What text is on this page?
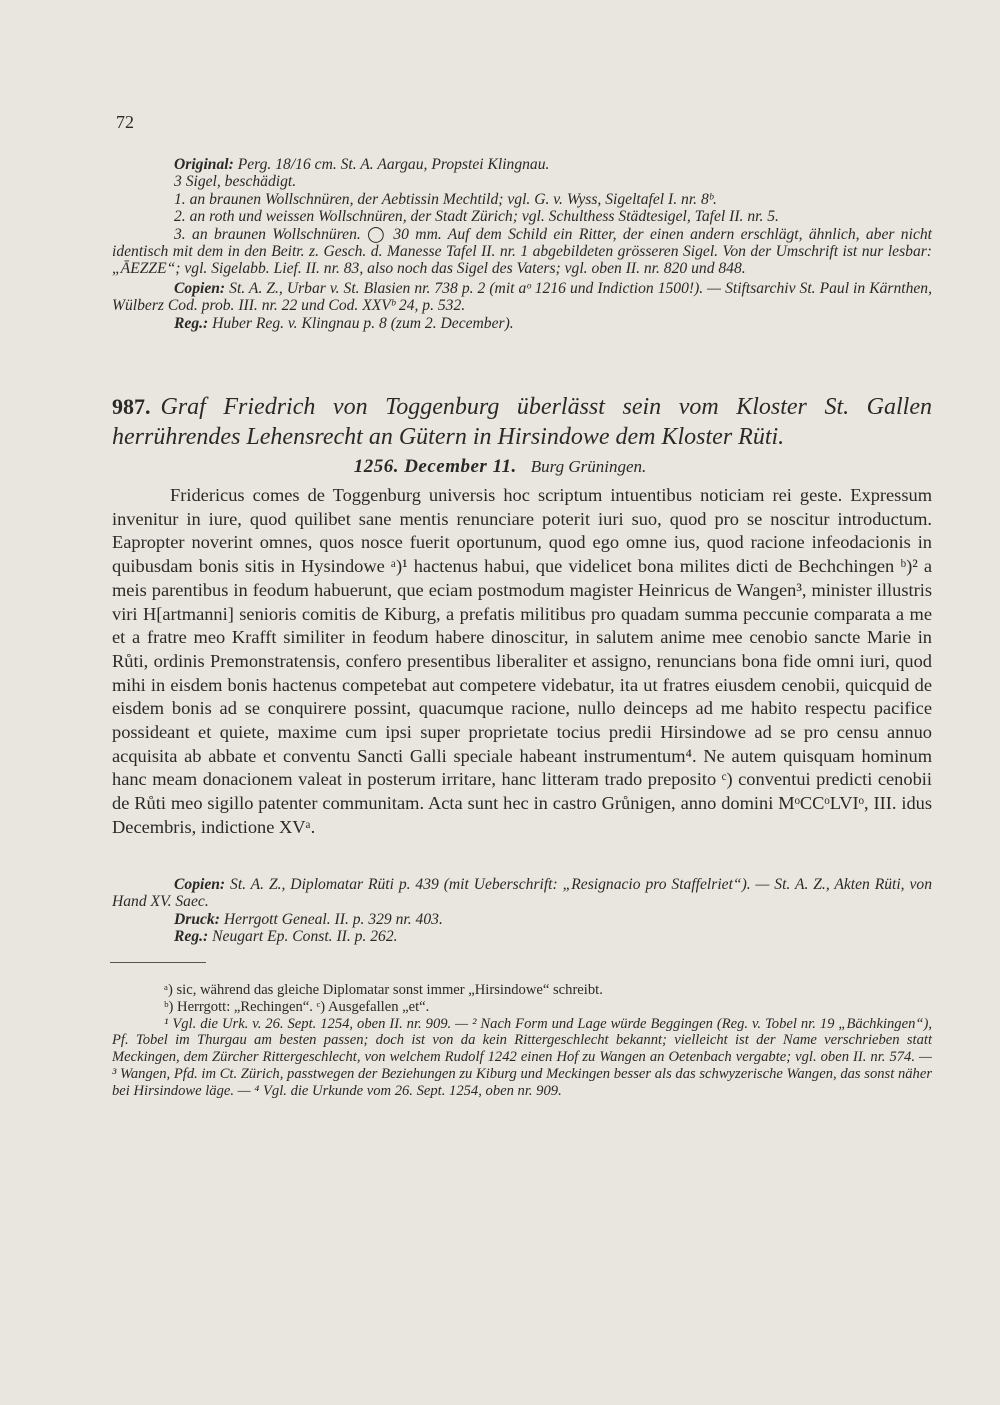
72

Original: Perg. 18/16 cm. St. A. Aargau, Propstei Klingnau.

3 Sigel, beschädigt.

1. an braunen Wollschnüren, der Aebtissin Mechtild; vgl. G. v. Wyss, Sigeltafel I. nr. 8ᵇ.

2. an roth und weissen Wollschnüren, der Stadt Zürich; vgl. Schulthess Städtesigel, Tafel II. nr. 5.

3. an braunen Wollschnüren. ◯ 30 mm. Auf dem Schild ein Ritter, der einen andern erschlägt, ähnlich, aber nicht identisch mit dem in den Beitr. z. Gesch. d. Manesse Tafel II. nr. 1 abgebildeten grösseren Sigel. Von der Umschrift ist nur lesbar: „ĀEZZE“; vgl. Sigelabb. Lief. II. nr. 83, also noch das Sigel des Vaters; vgl. oben II. nr. 820 und 848.

Copien: St. A. Z., Urbar v. St. Blasien nr. 738 p. 2 (mit aᵒ 1216 und Indiction 1500!). — Stiftsarchiv St. Paul in Kärnthen, Wülberz Cod. prob. III. nr. 22 und Cod. XXVᵇ 24, p. 532.

Reg.: Huber Reg. v. Klingnau p. 8 (zum 2. December).

987. Graf Friedrich von Toggenburg überlässt sein vom Kloster St. Gallen herrührendes Lehensrecht an Gütern in Hirsindowe dem Kloster Rüti.
1256. December 11. Burg Grüningen.

Fridericus comes de Toggenburg universis hoc scriptum intuentibus noticiam rei geste. Expressum invenitur in iure, quod quilibet sane mentis renunciare poterit iuri suo, quod pro se noscitur introductum. Eapropter noverint omnes, quos nosce fuerit oportunum, quod ego omne ius, quod racione infeodacionis in quibusdam bonis sitis in Hysindowe ᵃ)¹ hactenus habui, que videlicet bona milites dicti de Bechchingen ᵇ)² a meis parentibus in feodum habuerunt, que eciam postmodum magister Heinricus de Wangen³, minister illustris viri H[artmanni] senioris comitis de Kiburg, a prefatis militibus pro quadam summa peccunie comparata a me et a fratre meo Krafft similiter in feodum habere dinoscitur, in salutem anime mee cenobio sancte Marie in Růti, ordinis Premonstratensis, confero presentibus liberaliter et assigno, renuncians bona fide omni iuri, quod mihi in eisdem bonis hactenus competebat aut competere videbatur, ita ut fratres eiusdem cenobii, quicquid de eisdem bonis ad se conquirere possint, quacumque racione, nullo deinceps ad me habito respectu pacifice possideant et quiete, maxime cum ipsi super proprietate tocius predii Hirsindowe ad se pro censu annuo acquisita ab abbate et conventu Sancti Galli speciale habeant instrumentum⁴. Ne autem quisquam hominum hanc meam donacionem valeat in posterum irritare, hanc litteram trado preposito ᶜ) conventui predicti cenobii de Růti meo sigillo patenter communitam. Acta sunt hec in castro Grůnigen, anno domini MᵒCCᵒLVIᵒ, III. idus Decembris, indictione XVᵃ.

Copien: St. A. Z., Diplomatar Rüti p. 439 (mit Ueberschrift: „Resignacio pro Staffelriet“). — St. A. Z., Akten Rüti, von Hand XV. Saec.

Druck: Herrgott Geneal. II. p. 329 nr. 403.

Reg.: Neugart Ep. Const. II. p. 262.

ᵃ) sic, während das gleiche Diplomatar sonst immer „Hirsindowe“ schreibt.

ᵇ) Herrgott: „Rechingen“. ᶜ) Ausgefallen „et“.

¹ Vgl. die Urk. v. 26. Sept. 1254, oben II. nr. 909. — ² Nach Form und Lage würde Beggingen (Reg. v. Tobel nr. 19 „Bächkingen“), Pf. Tobel im Thurgau am besten passen; doch ist von da kein Rittergeschlecht bekannt; vielleicht ist der Name verschrieben statt Meckingen, dem Zürcher Rittergeschlecht, von welchem Rudolf 1242 einen Hof zu Wangen an Oetenbach vergabte; vgl. oben II. nr. 574. — ³ Wangen, Pfd. im Ct. Zürich, passtwegen der Beziehungen zu Kiburg und Meckingen besser als das schwyzerische Wangen, das sonst näher bei Hirsindowe läge. — ⁴ Vgl. die Urkunde vom 26. Sept. 1254, oben nr. 909.
